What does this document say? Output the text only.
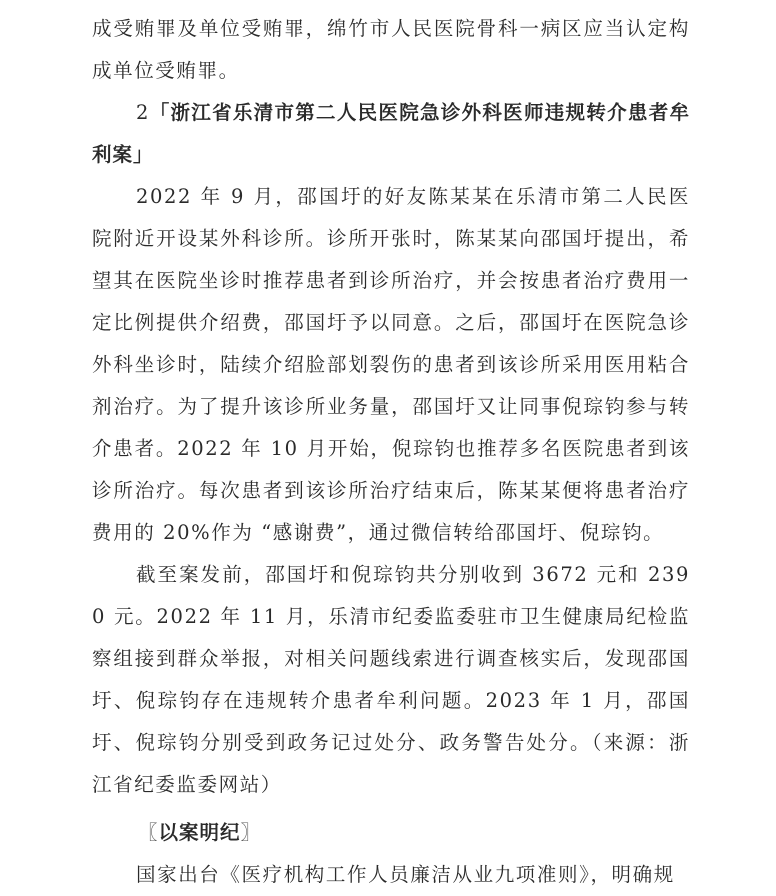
成受贿罪及单位受贿罪，绵竹市人民医院骨科一病区应当认定构成单位受贿罪。

2「浙江省乐清市第二人民医院急诊外科医师违规转介患者牟利案」

2022 年 9 月，邵国圩的好友陈某某在乐清市第二人民医院附近开设某外科诊所。诊所开张时，陈某某向邵国圩提出，希望其在医院坐诊时推荐患者到诊所治疗，并会按患者治疗费用一定比例提供介绍费，邵国圩予以同意。之后，邵国圩在医院急诊外科坐诊时，陆续介绍脸部划裂伤的患者到该诊所采用医用粘合剂治疗。为了提升该诊所业务量，邵国圩又让同事倪琮钧参与转介患者。2022 年 10 月开始，倪琮钧也推荐多名医院患者到该诊所治疗。每次患者到该诊所治疗结束后，陈某某便将患者治疗费用的 20%作为 “感谢费”，通过微信转给邵国圩、倪琮钧。

截至案发前，邵国圩和倪琮钧共分别收到 3672 元和 2390 元。2022 年 11 月，乐清市纪委监委驻市卫生健康局纪检监察组接到群众举报，对相关问题线索进行调查核实后，发现邵国圩、倪琮钧存在违规转介患者牟利问题。2023 年 1 月，邵国圩、倪琮钧分别受到政务记过处分、政务警告处分。（来源：浙江省纪委监委网站）

〖以案明纪〗

国家出台《医疗机构工作人员廉洁从业九项准则》，明确规
